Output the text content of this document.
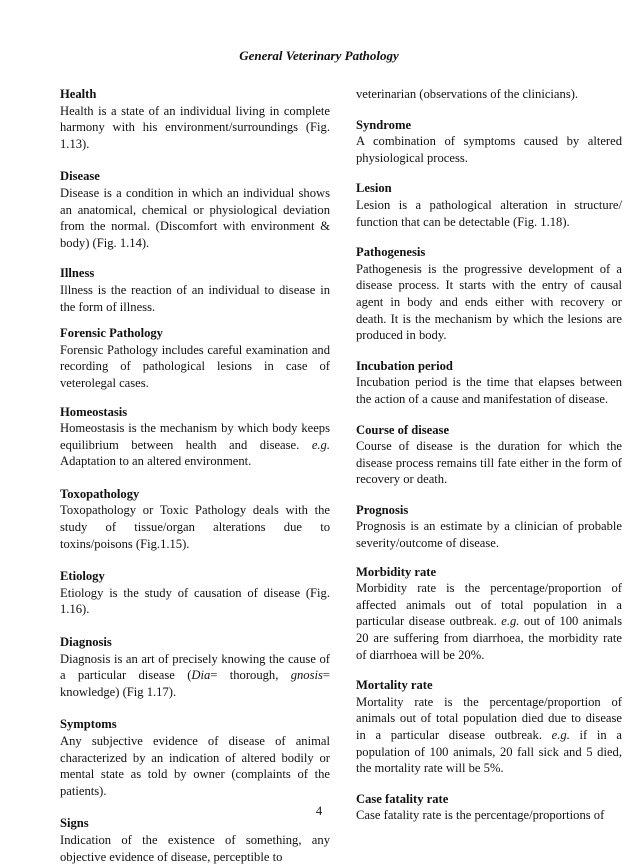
General Veterinary Pathology
Health

Health is a state of an individual living in complete harmony with his environment/surroundings (Fig. 1.13).

Disease

Disease is a condition in which an individual shows an anatomical, chemical or physiological deviation from the normal. (Discomfort with environment & body) (Fig. 1.14).

Illness

Illness is the reaction of an individual to disease in the form of illness.

Forensic Pathology

Forensic Pathology includes careful examination and recording of pathological lesions in case of veterolegal cases.

Homeostasis

Homeostasis is the mechanism by which body keeps equilibrium between health and disease. e.g. Adaptation to an altered environment.

Toxopathology

Toxopathology or Toxic Pathology deals with the study of tissue/organ alterations due to toxins/poisons (Fig.1.15).

Etiology

Etiology is the study of causation of disease (Fig. 1.16).

Diagnosis

Diagnosis is an art of precisely knowing the cause of a particular disease (Dia= thorough, gnosis= knowledge) (Fig 1.17).

Symptoms

Any subjective evidence of disease of animal characterized by an indication of altered bodily or mental state as told by owner (complaints of the patients).

Signs

Indication of the existence of something, any objective evidence of disease, perceptible to

veterinarian (observations of the clinicians).

Syndrome

A combination of symptoms caused by altered physiological process.

Lesion

Lesion is a pathological alteration in structure/ function that can be detectable (Fig. 1.18).

Pathogenesis

Pathogenesis is the progressive development of a disease process. It starts with the entry of causal agent in body and ends either with recovery or death. It is the mechanism by which the lesions are produced in body.

Incubation period

Incubation period is the time that elapses between the action of a cause and manifestation of disease.

Course of disease

Course of disease is the duration for which the disease process remains till fate either in the form of recovery or death.

Prognosis

Prognosis is an estimate by a clinician of probable severity/outcome of disease.

Morbidity rate

Morbidity rate is the percentage/proportion of affected animals out of total population in a particular disease outbreak. e.g. out of 100 animals 20 are suffering from diarrhoea, the morbidity rate of diarrhoea will be 20%.

Mortality rate

Mortality rate is the percentage/proportion of animals out of total population died due to disease in a particular disease outbreak. e.g. if in a population of 100 animals, 20 fall sick and 5 died, the mortality rate will be 5%.

Case fatality rate

Case fatality rate is the percentage/proportions of

4
